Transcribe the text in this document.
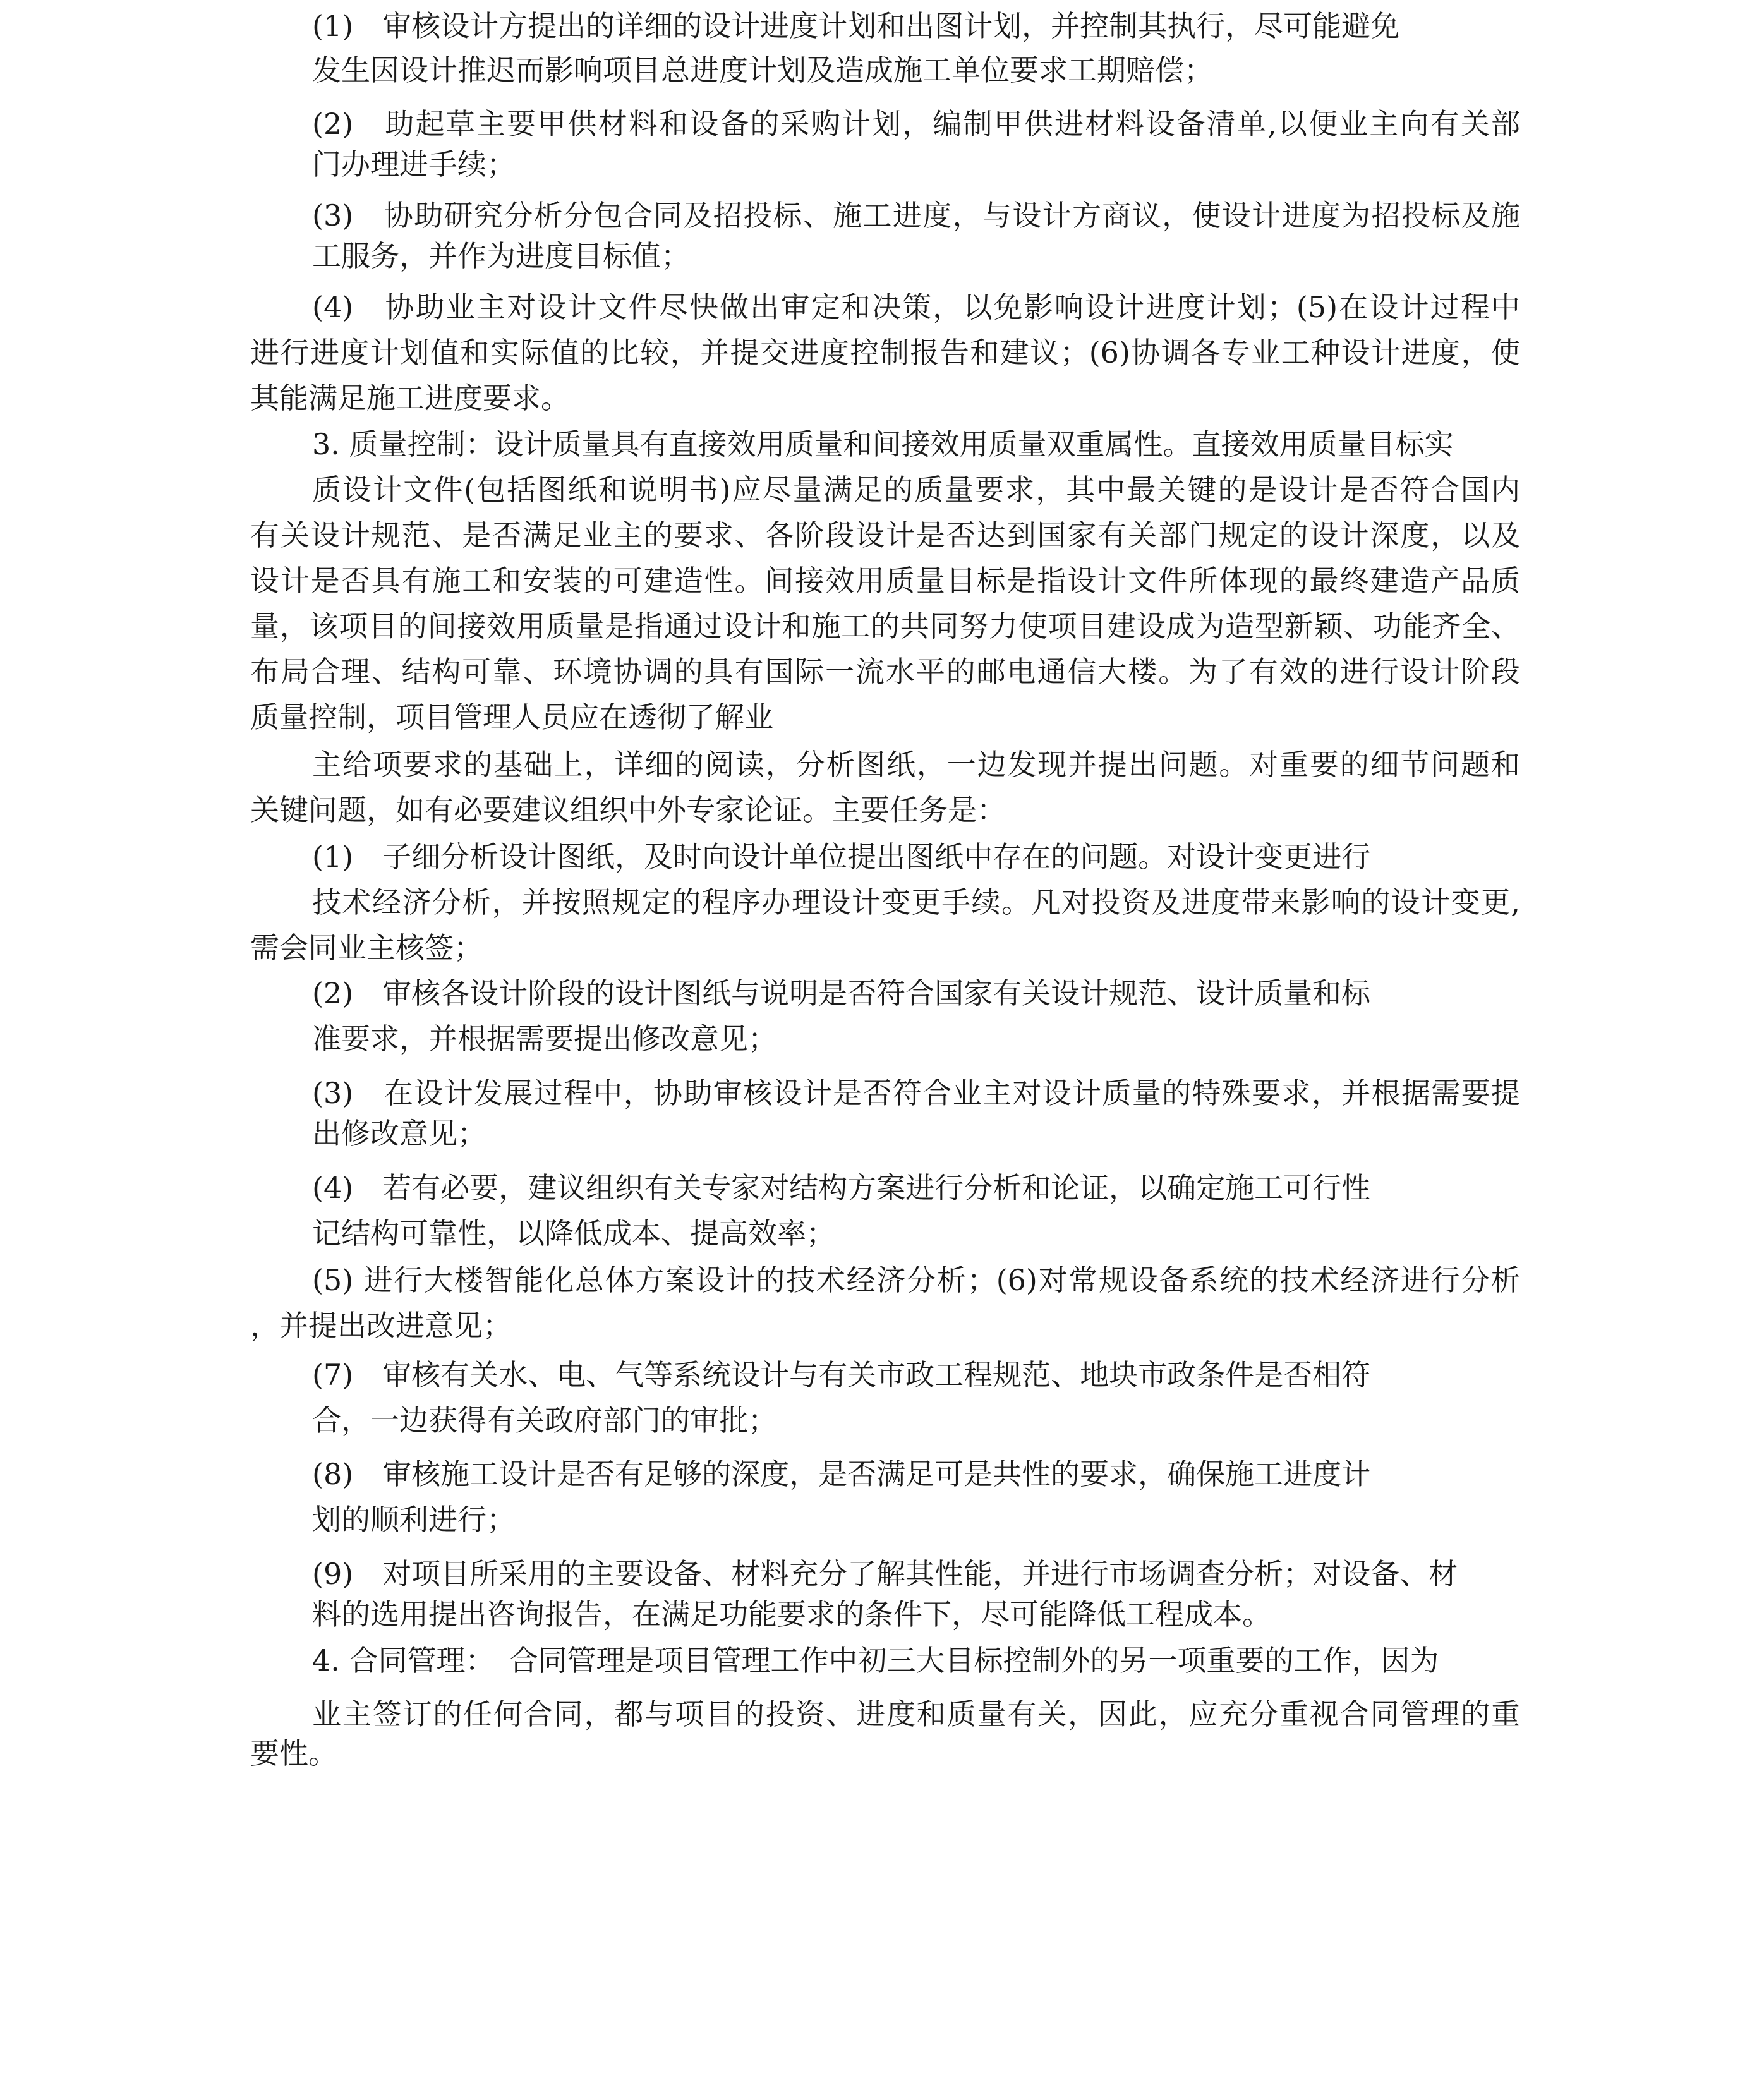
(1)　审核设计方提出的详细的设计进度计划和出图计划，并控制其执行，尽可能避免

发生因设计推迟而影响项目总进度计划及造成施工单位要求工期赔偿；

(2)　助起草主要甲供材料和设备的采购计划，编制甲供进材料设备清单,以便业主向有关部

门办理进手续；

(3)　协助研究分析分包合同及招投标、施工进度，与设计方商议，使设计进度为招投标及施

工服务，并作为进度目标值；

(4)　协助业主对设计文件尽快做出审定和决策，以免影响设计进度计划；(5)在设计过程中

进行进度计划值和实际值的比较，并提交进度控制报告和建议；(6)协调各专业工种设计进度，使

其能满足施工进度要求。

3. 质量控制：设计质量具有直接效用质量和间接效用质量双重属性。直接效用质量目标实

质设计文件(包括图纸和说明书)应尽量满足的质量要求，其中最关键的是设计是否符合国内

有关设计规范、是否满足业主的要求、各阶段设计是否达到国家有关部门规定的设计深度，以及

设计是否具有施工和安装的可建造性。间接效用质量目标是指设计文件所体现的最终建造产品质

量，该项目的间接效用质量是指通过设计和施工的共同努力使项目建设成为造型新颖、功能齐全、

布局合理、结构可靠、环境协调的具有国际一流水平的邮电通信大楼。为了有效的进行设计阶段

质量控制，项目管理人员应在透彻了解业

主给项要求的基础上，详细的阅读，分析图纸，一边发现并提出问题。对重要的细节问题和

关键问题，如有必要建议组织中外专家论证。主要任务是：

(1)　子细分析设计图纸，及时向设计单位提出图纸中存在的问题。对设计变更进行

技术经济分析，并按照规定的程序办理设计变更手续。凡对投资及进度带来影响的设计变更,

需会同业主核签；

(2)　审核各设计阶段的设计图纸与说明是否符合国家有关设计规范、设计质量和标

准要求，并根据需要提出修改意见；

(3)　在设计发展过程中，协助审核设计是否符合业主对设计质量的特殊要求，并根据需要提

出修改意见；

(4)　若有必要，建议组织有关专家对结构方案进行分析和论证，以确定施工可行性

记结构可靠性，以降低成本、提高效率；

(5) 进行大楼智能化总体方案设计的技术经济分析；(6)对常规设备系统的技术经济进行分析

，并提出改进意见；

(7)　审核有关水、电、气等系统设计与有关市政工程规范、地块市政条件是否相符

合，一边获得有关政府部门的审批；

(8)　审核施工设计是否有足够的深度，是否满足可是共性的要求，确保施工进度计

划的顺利进行；

(9)　对项目所采用的主要设备、材料充分了解其性能，并进行市场调查分析；对设备、材

料的选用提出咨询报告，在满足功能要求的条件下，尽可能降低工程成本。

4. 合同管理：　合同管理是项目管理工作中初三大目标控制外的另一项重要的工作，因为

业主签订的任何合同，都与项目的投资、进度和质量有关，因此，应充分重视合同管理的重

要性。
